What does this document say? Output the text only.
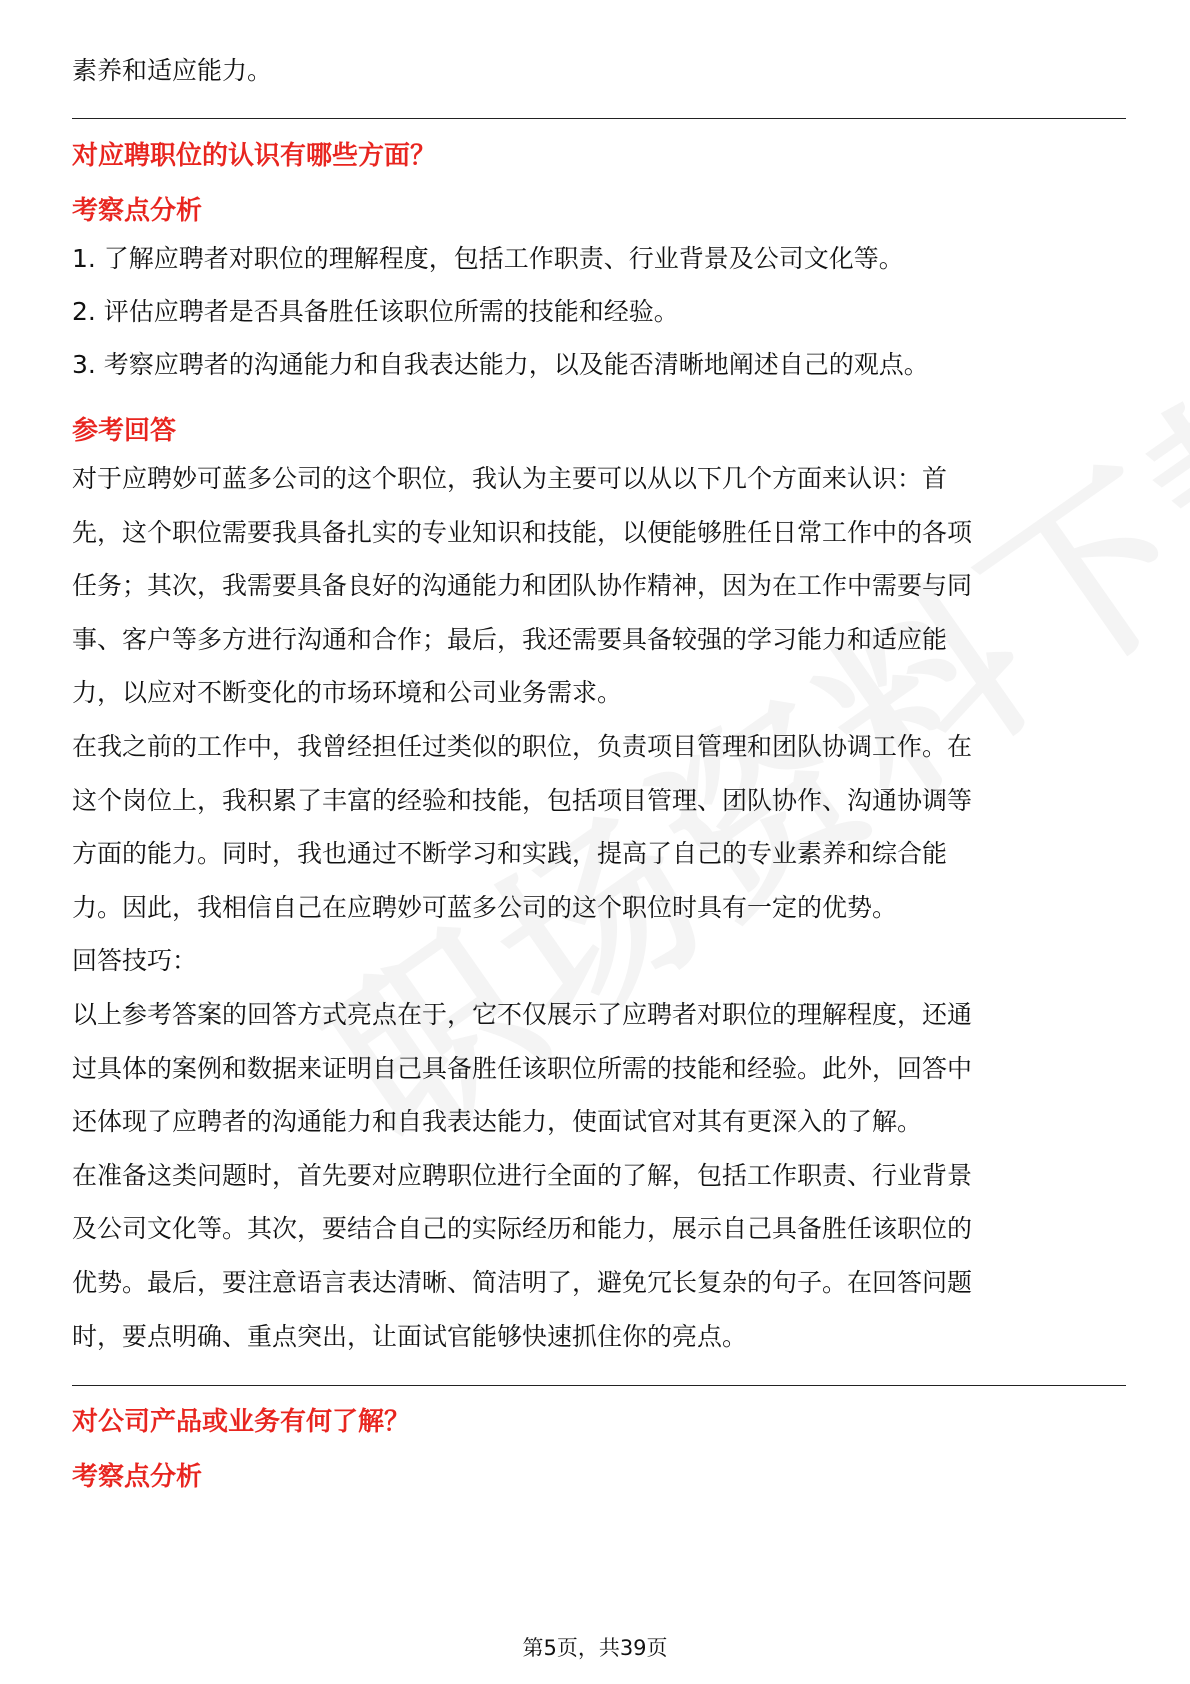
素养和适应能力。
对应聘职位的认识有哪些方面？
考察点分析
1. 了解应聘者对职位的理解程度，包括工作职责、行业背景及公司文化等。
2. 评估应聘者是否具备胜任该职位所需的技能和经验。
3. 考察应聘者的沟通能力和自我表达能力，以及能否清晰地阐述自己的观点。
参考回答
对于应聘妙可蓝多公司的这个职位，我认为主要可以从以下几个方面来认识：首
先，这个职位需要我具备扎实的专业知识和技能，以便能够胜任日常工作中的各项
任务；其次，我需要具备良好的沟通能力和团队协作精神，因为在工作中需要与同
事、客户等多方进行沟通和合作；最后，我还需要具备较强的学习能力和适应能
力，以应对不断变化的市场环境和公司业务需求。
在我之前的工作中，我曾经担任过类似的职位，负责项目管理和团队协调工作。在
这个岗位上，我积累了丰富的经验和技能，包括项目管理、团队协作、沟通协调等
方面的能力。同时，我也通过不断学习和实践，提高了自己的专业素养和综合能
力。因此，我相信自己在应聘妙可蓝多公司的这个职位时具有一定的优势。
回答技巧：
以上参考答案的回答方式亮点在于，它不仅展示了应聘者对职位的理解程度，还通
过具体的案例和数据来证明自己具备胜任该职位所需的技能和经验。此外，回答中
还体现了应聘者的沟通能力和自我表达能力，使面试官对其有更深入的了解。
在准备这类问题时，首先要对应聘职位进行全面的了解，包括工作职责、行业背景
及公司文化等。其次，要结合自己的实际经历和能力，展示自己具备胜任该职位的
优势。最后，要注意语言表达清晰、简洁明了，避免冗长复杂的句子。在回答问题
时，要点明确、重点突出，让面试官能够快速抓住你的亮点。
对公司产品或业务有何了解？
考察点分析
第5页，共39页
